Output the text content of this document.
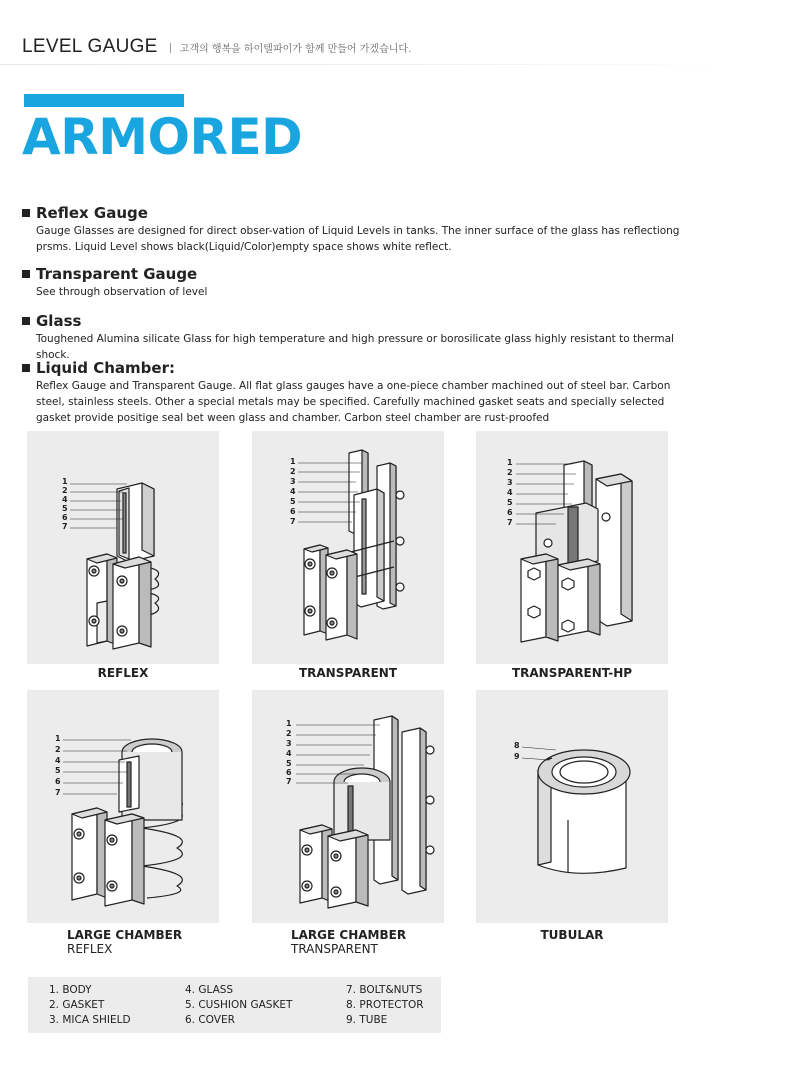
LEVEL GAUGE 고객의 행복을 하이텔파이가 함께 만들어 가겠습니다.
ARMORED
Reflex Gauge
Gauge Glasses are designed for direct obser-vation of Liquid Levels in tanks. The inner surface of the glass has reflectiong prsms. Liquid Level shows black(Liquid/Color)empty space shows white reflect.
Transparent Gauge
See through observation of level
Glass
Toughened Alumina silicate Glass for high temperature and high pressure or borosilicate glass highly resistant to thermal shock.
Liquid Chamber:
Reflex Gauge and Transparent Gauge. All flat glass gauges have a one-piece chamber machined out of steel bar. Carbon steel, stainless steels. Other a special metals may be specified. Carefully machined gasket seats and specially selected gasket provide positige seal bet ween glass and chamber. Carbon steel chamber are rust-proofed
1
2
4
5
6
7
REFLEX
1
2
3
4
5
6
7
TRANSPARENT
1
2
3
4
5
6
7
TRANSPARENT-HP
1
2
4
5
6
7
LARGE CHAMBER
REFLEX
1
2
3
4
5
6
7
LARGE CHAMBER
TRANSPARENT
8
9
TUBULAR
1. BODY	4. GLASS	7. BOLT&NUTS
2. GASKET	5. CUSHION GASKET	8. PROTECTOR
3. MICA SHIELD	6. COVER	9. TUBE
